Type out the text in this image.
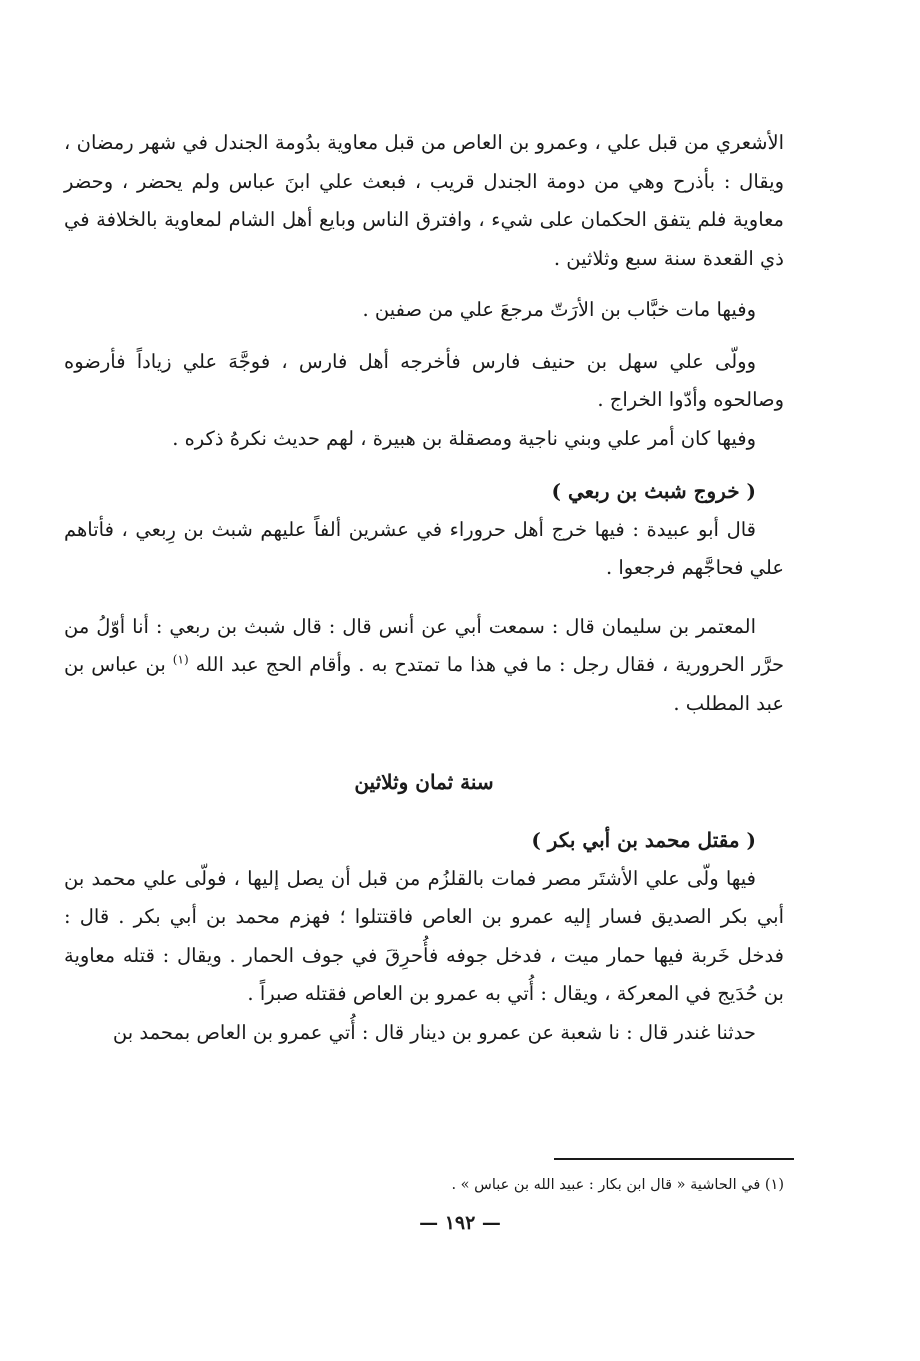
الأشعري من قبل علي ، وعمرو بن العاص من قبل معاوية بدُومة الجندل في شهر رمضان ، ويقال : بأذرح وهي من دومة الجندل قريب ، فبعث علي ابنَ عباس ولم يحضر ، وحضر معاوية فلم يتفق الحكمان على شيء ، وافترق الناس وبايع أهل الشام لمعاوية بالخلافة في ذي القعدة سنة سبع وثلاثين .

وفيها مات خبَّاب بن الأرَتّ مرجعَ علي من صفين .

وولّى علي سهل بن حنيف فارس فأخرجه أهل فارس ، فوجَّهَ علي زياداً فأرضوه وصالحوه وأدّوا الخراج .

وفيها كان أمر علي وبني ناجية ومصقلة بن هبيرة ، لهم حديث نكرهُ ذكره .

( خروج شبث بن ربعي )

قال أبو عبيدة : فيها خرج أهل حروراء في عشرين ألفاً عليهم شبث بن رِبعي ، فأتاهم علي فحاجَّهم فرجعوا .

المعتمر بن سليمان قال : سمعت أبي عن أنس قال : قال شبث بن ربعي : أنا أوّلُ من حرَّر الحرورية ، فقال رجل : ما في هذا ما تمتدح به . وأقام الحج عبد الله $^{(١)}$ بن عباس بن عبد المطلب .

سنة ثمان وثلاثين

( مقتل محمد بن أبي بكر )

فيها ولّى علي الأشتَر مصر فمات بالقلزُم من قبل أن يصل إليها ، فولّى علي محمد بن أبي بكر الصديق فسار إليه عمرو بن العاص فاقتتلوا ؛ فهزم محمد بن أبي بكر . قال : فدخل خَربة فيها حمار ميت ، فدخل جوفه فأُحرِقَ في جوف الحمار . ويقال : قتله معاوية بن حُدَيج في المعركة ، ويقال : أُتي به عمرو بن العاص فقتله صبراً .

حدثنا غندر قال : نا شعبة عن عمرو بن دينار قال : أُتي عمرو بن العاص بمحمد بن

(١) في الحاشية « قال ابن بكار : عبيد الله بن عباس » .
— ١٩٢ —
